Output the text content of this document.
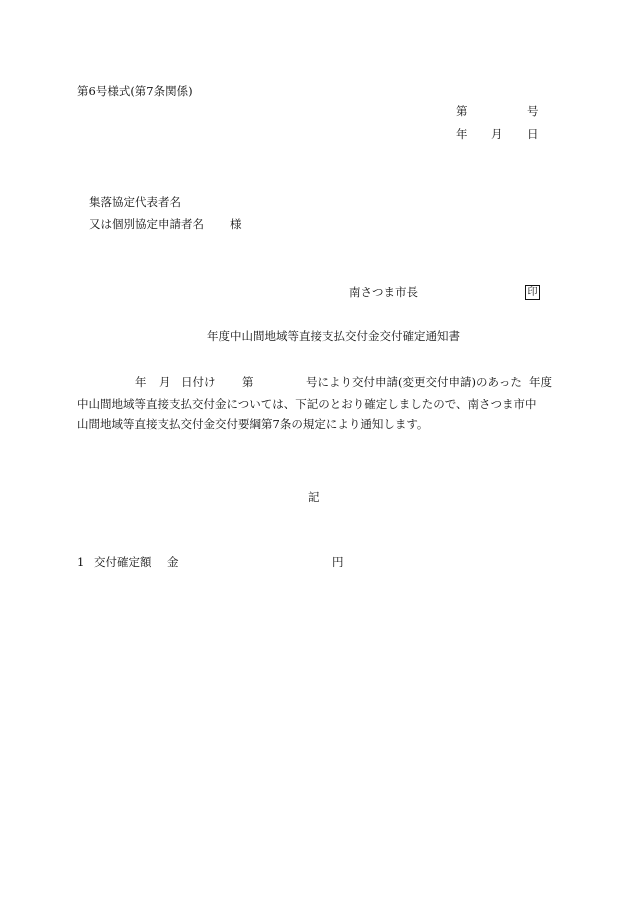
第6号様式(第7条関係)
第	号
年 月 日
集落協定代表者名
又は個別協定申請者名 様
南さつま市長	印
年度中山間地域等直接支払交付金交付確定通知書
年 月 日付け 第	号により交付申請(変更交付申請)のあった 年度
中山間地域等直接支払交付金については、下記のとおり確定しましたので、南さつま市中
山間地域等直接支払交付金交付要綱第7条の規定により通知します。
記
1 交付確定額 金	円
